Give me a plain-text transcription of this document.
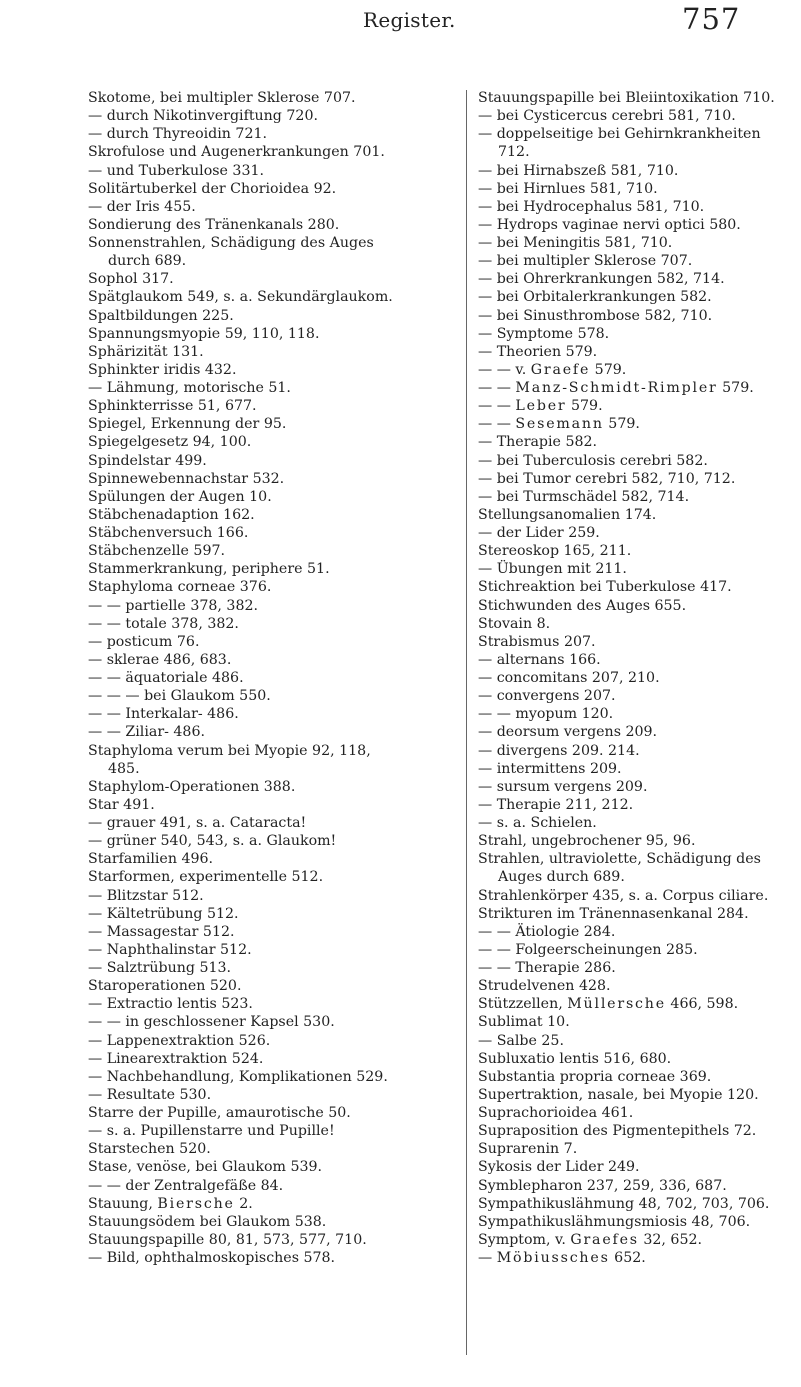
Register.	757
Skotome, bei multipler Sklerose 707.
— durch Nikotinvergiftung 720.
— durch Thyreoidin 721.
Skrofulose und Augenerkrankungen 701.
— und Tuberkulose 331.
Solitärtuberkel der Chorioidea 92.
— der Iris 455.
Sondierung des Tränenkanals 280.
Sonnenstrahlen, Schädigung des Auges
durch 689.
Sophol 317.
Spätglaukom 549, s. a. Sekundärglaukom.
Spaltbildungen 225.
Spannungsmyopie 59, 110, 118.
Sphärizität 131.
Sphinkter iridis 432.
— Lähmung, motorische 51.
Sphinkterrisse 51, 677.
Spiegel, Erkennung der 95.
Spiegelgesetz 94, 100.
Spindelstar 499.
Spinnewebennachstar 532.
Spülungen der Augen 10.
Stäbchenadaption 162.
Stäbchenversuch 166.
Stäbchenzelle 597.
Stammerkrankung, periphere 51.
Staphyloma corneae 376.
— — partielle 378, 382.
— — totale 378, 382.
— posticum 76.
— sklerae 486, 683.
— — äquatoriale 486.
— — — bei Glaukom 550.
— — Interkalar- 486.
— — Ziliar- 486.
Staphyloma verum bei Myopie 92, 118,
485.
Staphylom-Operationen 388.
Star 491.
— grauer 491, s. a. Cataracta!
— grüner 540, 543, s. a. Glaukom!
Starfamilien 496.
Starformen, experimentelle 512.
— Blitzstar 512.
— Kältetrübung 512.
— Massagestar 512.
— Naphthalinstar 512.
— Salztrübung 513.
Staroperationen 520.
— Extractio lentis 523.
— — in geschlossener Kapsel 530.
— Lappenextraktion 526.
— Linearextraktion 524.
— Nachbehandlung, Komplikationen 529.
— Resultate 530.
Starre der Pupille, amaurotische 50.
— s. a. Pupillenstarre und Pupille!
Starstechen 520.
Stase, venöse, bei Glaukom 539.
— — der Zentralgefäße 84.
Stauung, Biersche 2.
Stauungsödem bei Glaukom 538.
Stauungspapille 80, 81, 573, 577, 710.
— Bild, ophthalmoskopisches 578.
Stauungspapille bei Bleiintoxikation 710.
— bei Cysticercus cerebri 581, 710.
— doppelseitige bei Gehirnkrankheiten
712.
— bei Hirnabszeß 581, 710.
— bei Hirnlues 581, 710.
— bei Hydrocephalus 581, 710.
— Hydrops vaginae nervi optici 580.
— bei Meningitis 581, 710.
— bei multipler Sklerose 707.
— bei Ohrerkrankungen 582, 714.
— bei Orbitalerkrankungen 582.
— bei Sinusthrombose 582, 710.
— Symptome 578.
— Theorien 579.
— — v. Graefe 579.
— — Manz-Schmidt-Rimpler 579.
— — Leber 579.
— — Sesemann 579.
— Therapie 582.
— bei Tuberculosis cerebri 582.
— bei Tumor cerebri 582, 710, 712.
— bei Turmschädel 582, 714.
Stellungsanomalien 174.
— der Lider 259.
Stereoskop 165, 211.
— Übungen mit 211.
Stichreaktion bei Tuberkulose 417.
Stichwunden des Auges 655.
Stovain 8.
Strabismus 207.
— alternans 166.
— concomitans 207, 210.
— convergens 207.
— — myopum 120.
— deorsum vergens 209.
— divergens 209. 214.
— intermittens 209.
— sursum vergens 209.
— Therapie 211, 212.
— s. a. Schielen.
Strahl, ungebrochener 95, 96.
Strahlen, ultraviolette, Schädigung des
Auges durch 689.
Strahlenkörper 435, s. a. Corpus ciliare.
Strikturen im Tränennasenkanal 284.
— — Ätiologie 284.
— — Folgeerscheinungen 285.
— — Therapie 286.
Strudelvenen 428.
Stützzellen, Müllersche 466, 598.
Sublimat 10.
— Salbe 25.
Subluxatio lentis 516, 680.
Substantia propria corneae 369.
Supertraktion, nasale, bei Myopie 120.
Suprachorioidea 461.
Supraposition des Pigmentepithels 72.
Suprarenin 7.
Sykosis der Lider 249.
Symblepharon 237, 259, 336, 687.
Sympathikuslähmung 48, 702, 703, 706.
Sympathikuslähmungsmiosis 48, 706.
Symptom, v. Graefes 32, 652.
— Möbiussches 652.
